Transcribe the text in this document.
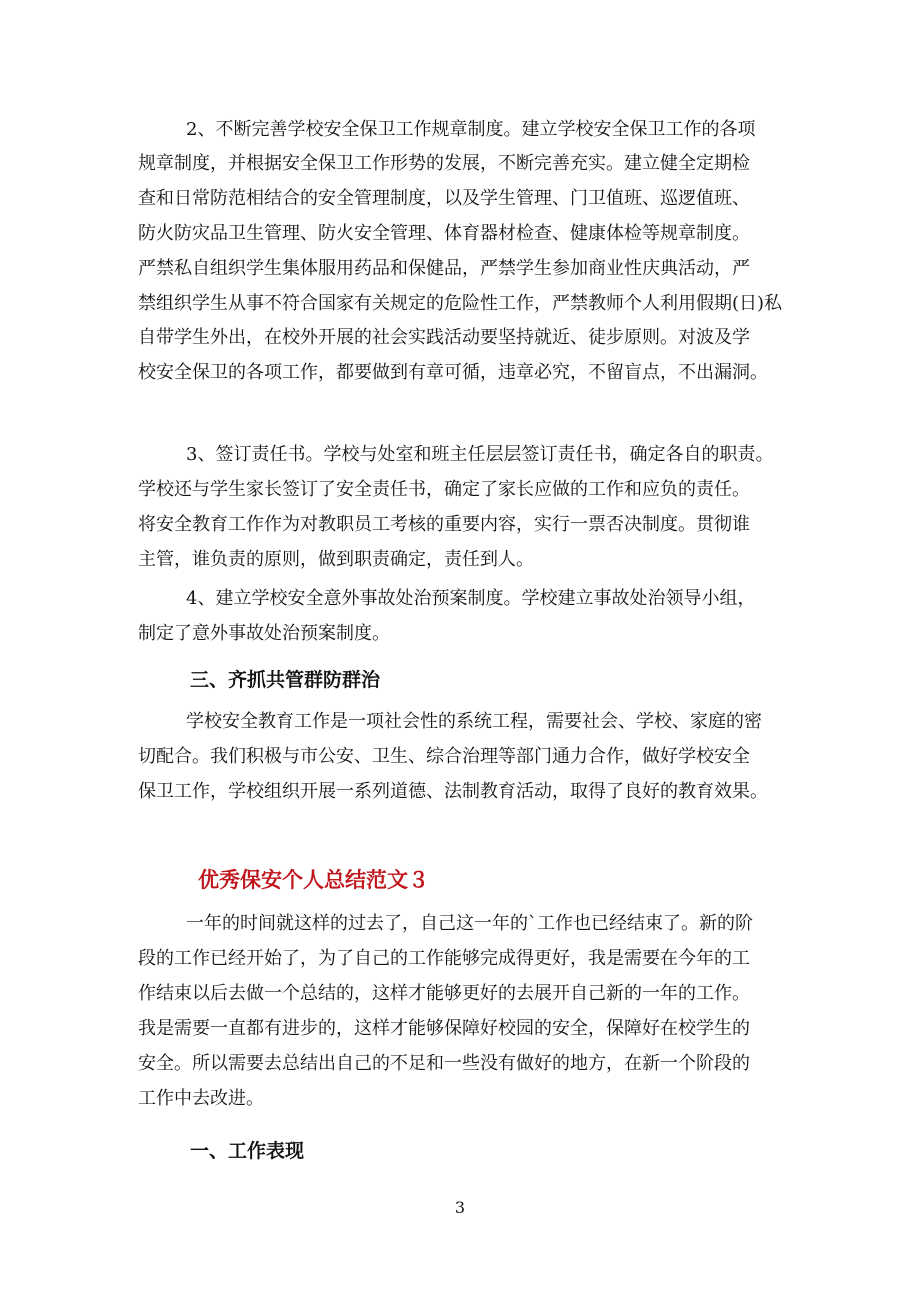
2、不断完善学校安全保卫工作规章制度。建立学校安全保卫工作的各项
规章制度，并根据安全保卫工作形势的发展，不断完善充实。建立健全定期检
查和日常防范相结合的安全管理制度，以及学生管理、门卫值班、巡逻值班、
防火防灾品卫生管理、防火安全管理、体育器材检查、健康体检等规章制度。
严禁私自组织学生集体服用药品和保健品，严禁学生参加商业性庆典活动，严
禁组织学生从事不符合国家有关规定的危险性工作，严禁教师个人利用假期(日)私
自带学生外出，在校外开展的社会实践活动要坚持就近、徒步原则。对波及学
校安全保卫的各项工作，都要做到有章可循，违章必究，不留盲点，不出漏洞。
3、签订责任书。学校与处室和班主任层层签订责任书，确定各自的职责。
学校还与学生家长签订了安全责任书，确定了家长应做的工作和应负的责任。
将安全教育工作作为对教职员工考核的重要内容，实行一票否决制度。贯彻谁
主管，谁负责的原则，做到职责确定，责任到人。
4、建立学校安全意外事故处治预案制度。学校建立事故处治领导小组，
制定了意外事故处治预案制度。
三、齐抓共管群防群治
学校安全教育工作是一项社会性的系统工程，需要社会、学校、家庭的密
切配合。我们积极与市公安、卫生、综合治理等部门通力合作，做好学校安全
保卫工作，学校组织开展一系列道德、法制教育活动，取得了良好的教育效果。
优秀保安个人总结范文３
一年的时间就这样的过去了，自己这一年的`工作也已经结束了。新的阶
段的工作已经开始了，为了自己的工作能够完成得更好，我是需要在今年的工
作结束以后去做一个总结的，这样才能够更好的去展开自己新的一年的工作。
我是需要一直都有进步的，这样才能够保障好校园的安全，保障好在校学生的
安全。所以需要去总结出自己的不足和一些没有做好的地方，在新一个阶段的
工作中去改进。
一、工作表现
3
